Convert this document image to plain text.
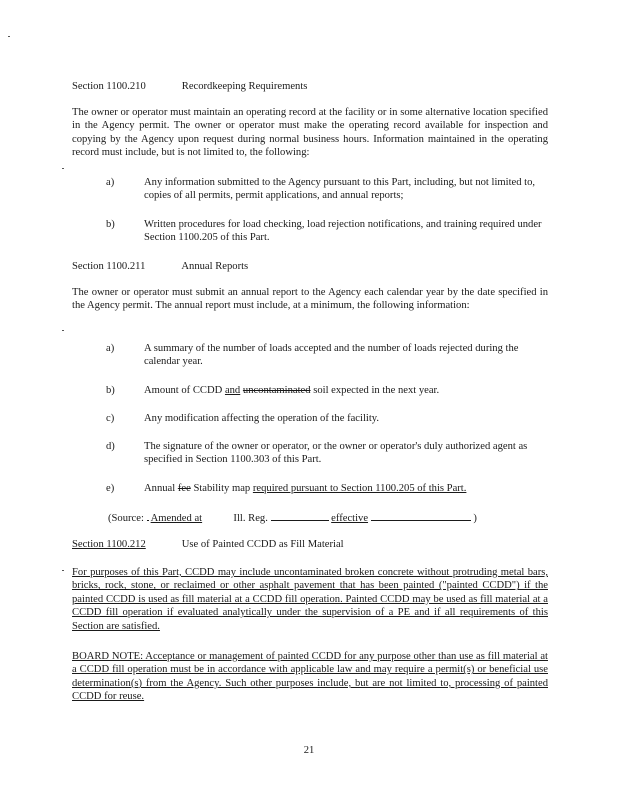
Section 1100.210	Recordkeeping Requirements
The owner or operator must maintain an operating record at the facility or in some alternative location specified in the Agency permit. The owner or operator must make the operating record available for inspection and copying by the Agency upon request during normal business hours. Information maintained in the operating record must include, but is not limited to, the following:
a)	Any information submitted to the Agency pursuant to this Part, including, but not limited to, copies of all permits, permit applications, and annual reports;
b)	Written procedures for load checking, load rejection notifications, and training required under Section 1100.205 of this Part.
Section 1100.211	Annual Reports
The owner or operator must submit an annual report to the Agency each calendar year by the date specified in the Agency permit. The annual report must include, at a minimum, the following information:
a)	A summary of the number of loads accepted and the number of loads rejected during the calendar year.
b)	Amount of CCDD and uncontaminated soil expected in the next year.
c)	Any modification affecting the operation of the facility.
d)	The signature of the owner or operator, or the owner or operator's duly authorized agent as specified in Section 1100.303 of this Part.
e)	Annual fee Stability map required pursuant to Section 1100.205 of this Part.
(Source: Amended at	Ill. Reg.	effective	)
Section 1100.212	Use of Painted CCDD as Fill Material
For purposes of this Part, CCDD may include uncontaminated broken concrete without protruding metal bars, bricks, rock, stone, or reclaimed or other asphalt pavement that has been painted ("painted CCDD") if the painted CCDD is used as fill material at a CCDD fill operation. Painted CCDD may be used as fill material at a CCDD fill operation if evaluated analytically under the supervision of a PE and if all requirements of this Section are satisfied.
BOARD NOTE: Acceptance or management of painted CCDD for any purpose other than use as fill material at a CCDD fill operation must be in accordance with applicable law and may require a permit(s) or beneficial use determination(s) from the Agency. Such other purposes include, but are not limited to, processing of painted CCDD for reuse.
21
